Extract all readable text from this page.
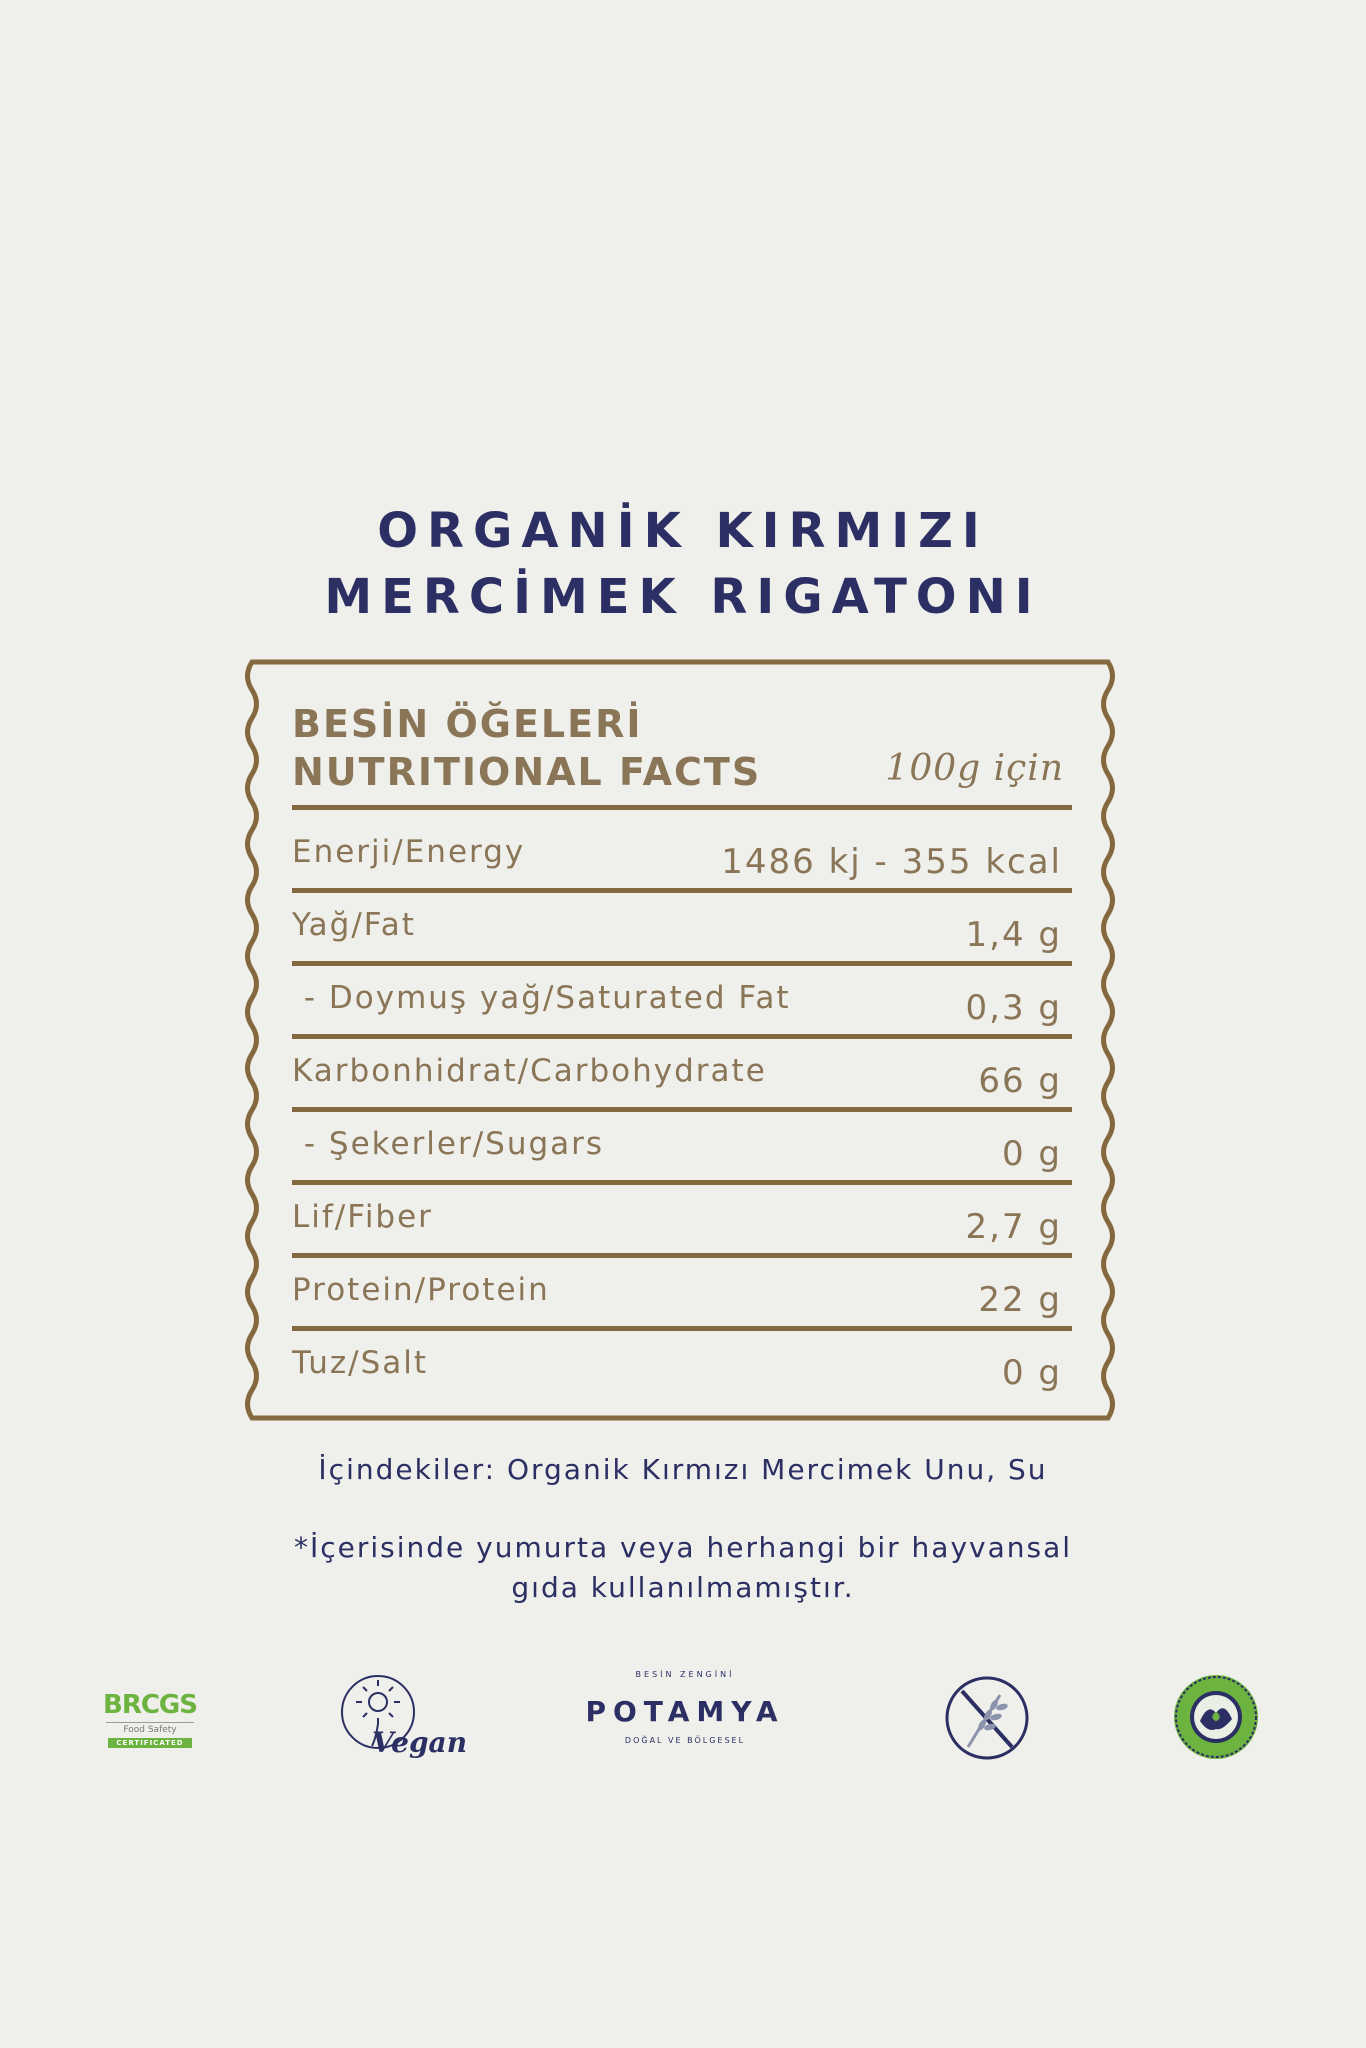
ORGANİK KIRMIZI
MERCİMEK RIGATONI
BESİN ÖĞELERİ
NUTRITIONAL FACTS	100g için
Enerji/Energy	1486 kj - 355 kcal
Yağ/Fat	1,4 g
- Doymuş yağ/Saturated Fat	0,3 g
Karbonhidrat/Carbohydrate	66 g
- Şekerler/Sugars	0 g
Lif/Fiber	2,7 g
Protein/Protein	22 g
Tuz/Salt	0 g
İçindekiler: Organik Kırmızı Mercimek Unu, Su
*İçerisinde yumurta veya herhangi bir hayvansal
gıda kullanılmamıştır.
BRCGS
Food Safety
CERTIFICATED	Vegan
BESİN ZENGİNİ
POTAMYA
DOĞAL VE BÖLGESEL
